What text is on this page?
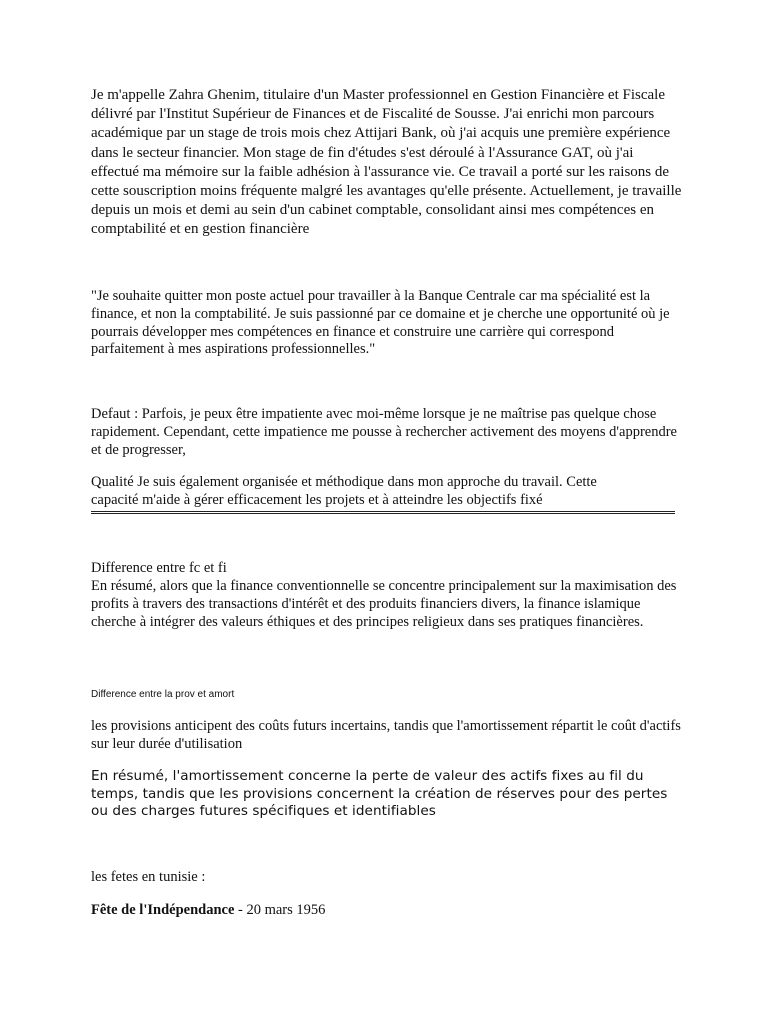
Je m'appelle Zahra Ghenim, titulaire d'un Master professionnel en Gestion Financière et Fiscale délivré par l'Institut Supérieur de Finances et de Fiscalité de Sousse. J'ai enrichi mon parcours académique par un stage de trois mois chez Attijari Bank, où j'ai acquis une première expérience dans le secteur financier. Mon stage de fin d'études s'est déroulé à l'Assurance GAT, où j'ai effectué ma mémoire sur la faible adhésion à l'assurance vie. Ce travail a porté sur les raisons de cette souscription moins fréquente malgré les avantages qu'elle présente. Actuellement, je travaille depuis un mois et demi au sein d'un cabinet comptable, consolidant ainsi mes compétences en comptabilité et en gestion financière

"Je souhaite quitter mon poste actuel pour travailler à la Banque Centrale car ma spécialité est la finance, et non la comptabilité. Je suis passionné par ce domaine et je cherche une opportunité où je pourrais développer mes compétences en finance et construire une carrière qui correspond parfaitement à mes aspirations professionnelles."

Defaut : Parfois, je peux être impatiente avec moi-même lorsque je ne maîtrise pas quelque chose rapidement. Cependant, cette impatience me pousse à rechercher activement des moyens d'apprendre et de progresser,

Qualité Je suis également organisée et méthodique dans mon approche du travail. Cette

capacité m'aide à gérer efficacement les projets et à atteindre les objectifs fixé

Difference entre fc et fi

En résumé, alors que la finance conventionnelle se concentre principalement sur la maximisation des profits à travers des transactions d'intérêt et des produits financiers divers, la finance islamique cherche à intégrer des valeurs éthiques et des principes religieux dans ses pratiques financières.

Difference entre la prov et amort

les provisions anticipent des coûts futurs incertains, tandis que l'amortissement répartit le coût d'actifs sur leur durée d'utilisation

En résumé, l'amortissement concerne la perte de valeur des actifs fixes au fil du temps, tandis que les provisions concernent la création de réserves pour des pertes ou des charges futures spécifiques et identifiables

les fetes en tunisie :

Fête de l'Indépendance - 20 mars 1956
